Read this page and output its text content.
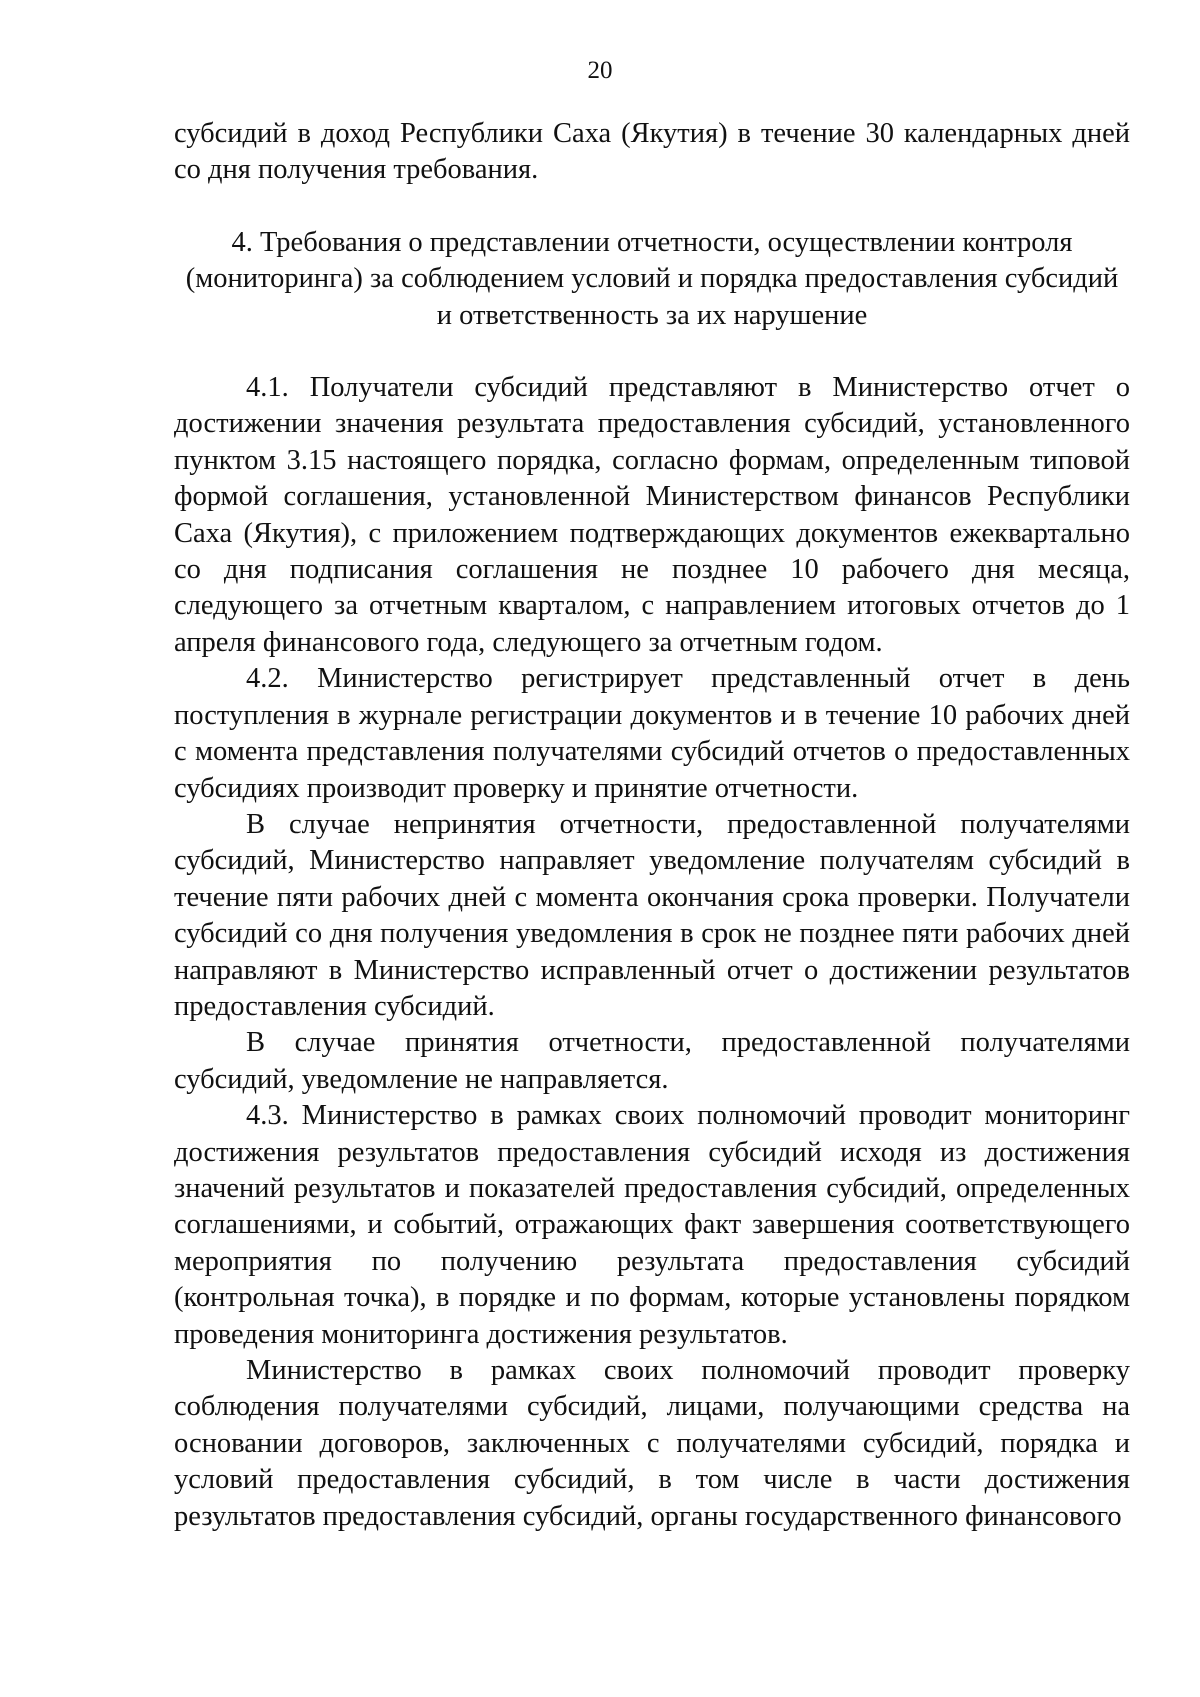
20

субсидий в доход Республики Саха (Якутия) в течение 30 календарных дней со дня получения требования.

4. Требования о представлении отчетности, осуществлении контроля

(мониторинга) за соблюдением условий и порядка предоставления субсидий

и ответственность за их нарушение

4.1. Получатели субсидий представляют в Министерство отчет о достижении значения результата предоставления субсидий, установленного пунктом 3.15 настоящего порядка, согласно формам, определенным типовой формой соглашения, установленной Министерством финансов Республики Саха (Якутия), с приложением подтверждающих документов ежеквартально со дня подписания соглашения не позднее 10 рабочего дня месяца, следующего за отчетным кварталом, с направлением итоговых отчетов до 1 апреля финансового года, следующего за отчетным годом.

4.2. Министерство регистрирует представленный отчет в день поступления в журнале регистрации документов и в течение 10 рабочих дней с момента представления получателями субсидий отчетов о предоставленных субсидиях производит проверку и принятие отчетности.

В случае непринятия отчетности, предоставленной получателями субсидий, Министерство направляет уведомление получателям субсидий в течение пяти рабочих дней с момента окончания срока проверки. Получатели субсидий со дня получения уведомления в срок не позднее пяти рабочих дней направляют в Министерство исправленный отчет о достижении результатов предоставления субсидий.

В случае принятия отчетности, предоставленной получателями субсидий, уведомление не направляется.

4.3. Министерство в рамках своих полномочий проводит мониторинг достижения результатов предоставления субсидий исходя из достижения значений результатов и показателей предоставления субсидий, определенных соглашениями, и событий, отражающих факт завершения соответствующего мероприятия по получению результата предоставления субсидий (контрольная точка), в порядке и по формам, которые установлены порядком проведения мониторинга достижения результатов.

Министерство в рамках своих полномочий проводит проверку соблюдения получателями субсидий, лицами, получающими средства на основании договоров, заключенных с получателями субсидий, порядка и условий предоставления субсидий, в том числе в части достижения результатов предоставления субсидий, органы государственного финансового
